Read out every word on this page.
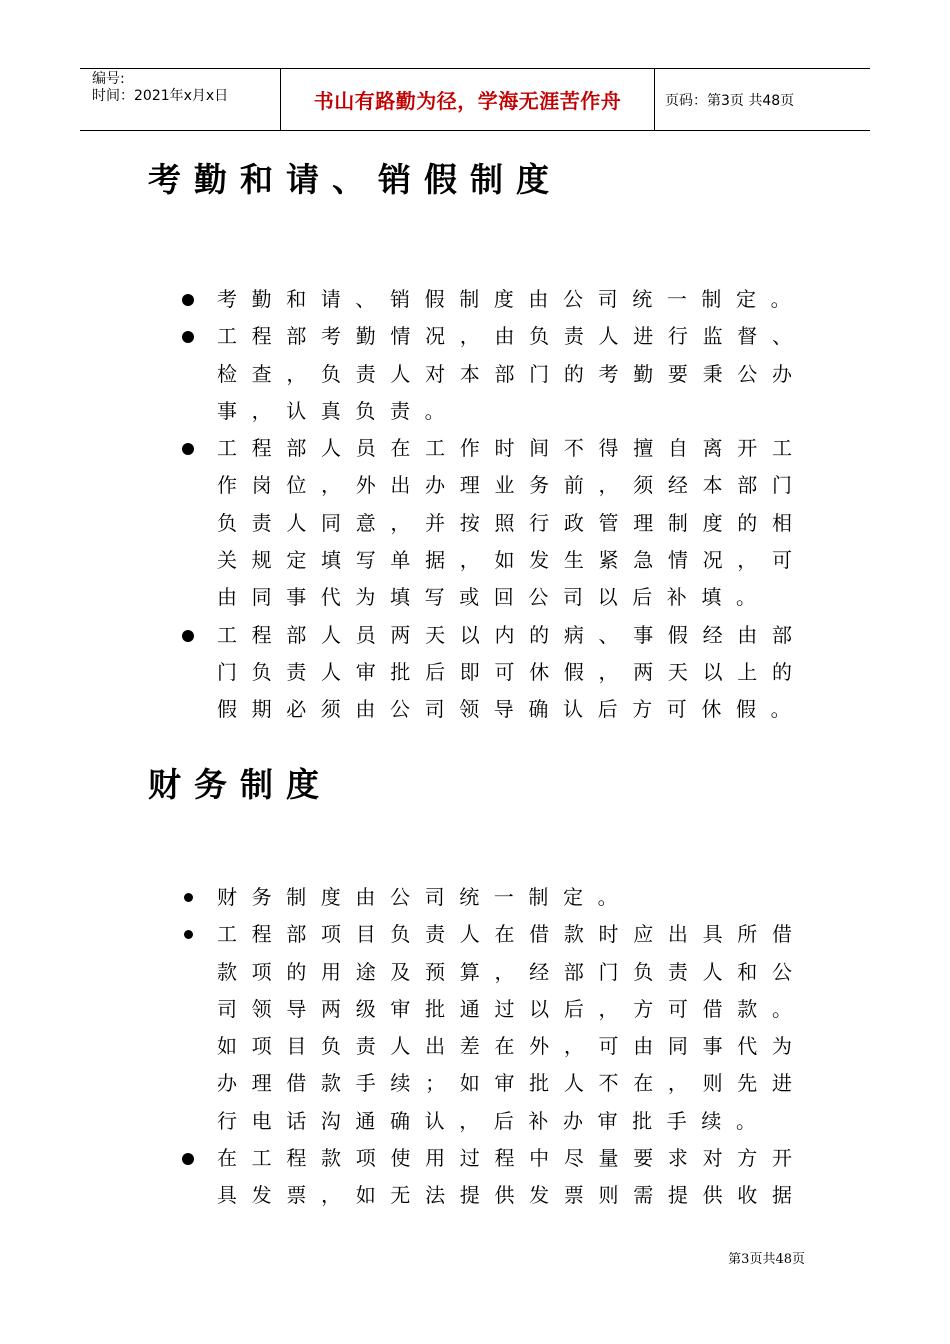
编号:
时间：2021年x月x日	书山有路勤为径，学海无涯苦作舟	页码：第3页 共48页
考勤和请、销假制度
考勤和请、销假制度由公司统一制定。
工程部考勤情况，由负责人进行监督、
检查，负责人对本部门的考勤要秉公办
事，认真负责。
工程部人员在工作时间不得擅自离开工
作岗位，外出办理业务前，须经本部门
负责人同意，并按照行政管理制度的相
关规定填写单据，如发生紧急情况，可
由同事代为填写或回公司以后补填。
工程部人员两天以内的病、事假经由部
门负责人审批后即可休假，两天以上的
假期必须由公司领导确认后方可休假。
财务制度
财务制度由公司统一制定。
工程部项目负责人在借款时应出具所借
款项的用途及预算，经部门负责人和公
司领导两级审批通过以后，方可借款。
如项目负责人出差在外，可由同事代为
办理借款手续；如审批人不在，则先进
行电话沟通确认，后补办审批手续。
在工程款项使用过程中尽量要求对方开
具发票，如无法提供发票则需提供收据
第3页共48页
